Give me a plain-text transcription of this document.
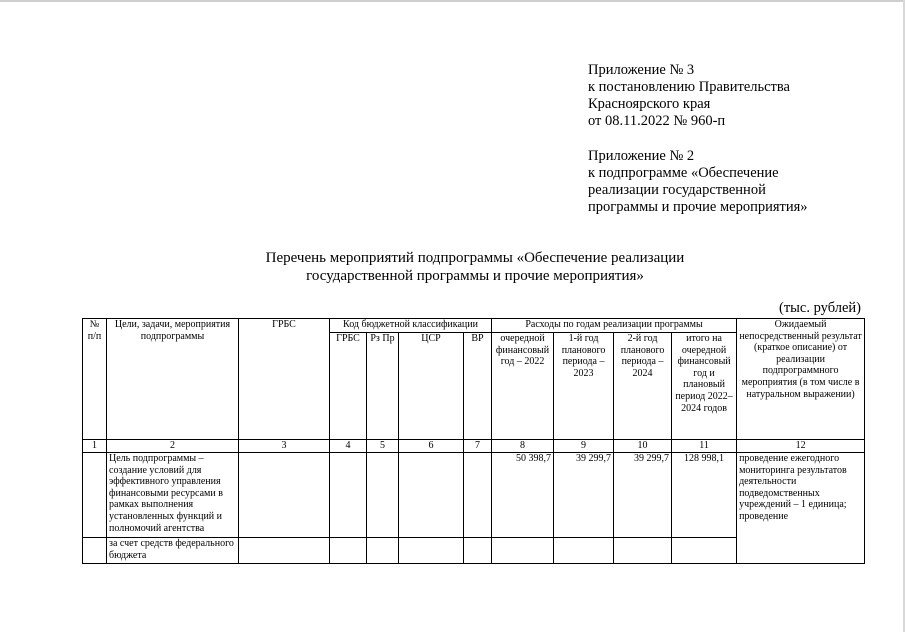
Приложение № 3
к постановлению Правительства
Красноярского края
от 08.11.2022 № 960-п
Приложение № 2
к подпрограмме «Обеспечение
реализации государственной
программы и прочие мероприятия»
Перечень мероприятий подпрограммы «Обеспечение реализации
государственной программы и прочие мероприятия»
(тыс. рублей)
№ п/п	Цели, задачи, мероприятия подпрограммы	ГРБС	Код бюджетной классификации				Расходы по годам реализации программы				Ожидаемый непосредственный результат (краткое описание) от реализации подпрограммного мероприятия (в том числе в натуральном выражении)
			ГРБС	Рз Пр	ЦСР	ВР	очередной финансовый год – 2022	1-й год планового периода – 2023	2-й год планового периода – 2024	итого на очередной финансовый год и плановый период 2022–2024 годов	
1	2	3	4	5	6	7	8	9	10	11	12
	Цель подпрограммы – создание условий для эффективного управления финансовыми ресурсами в рамках выполнения установленных функций и полномочий агентства						50 398,7	39 299,7	39 299,7	128 998,1	проведение ежегодного мониторинга результатов деятельности подведомственных учреждений – 1 единица; проведение
	за счет средств федерального бюджета										
